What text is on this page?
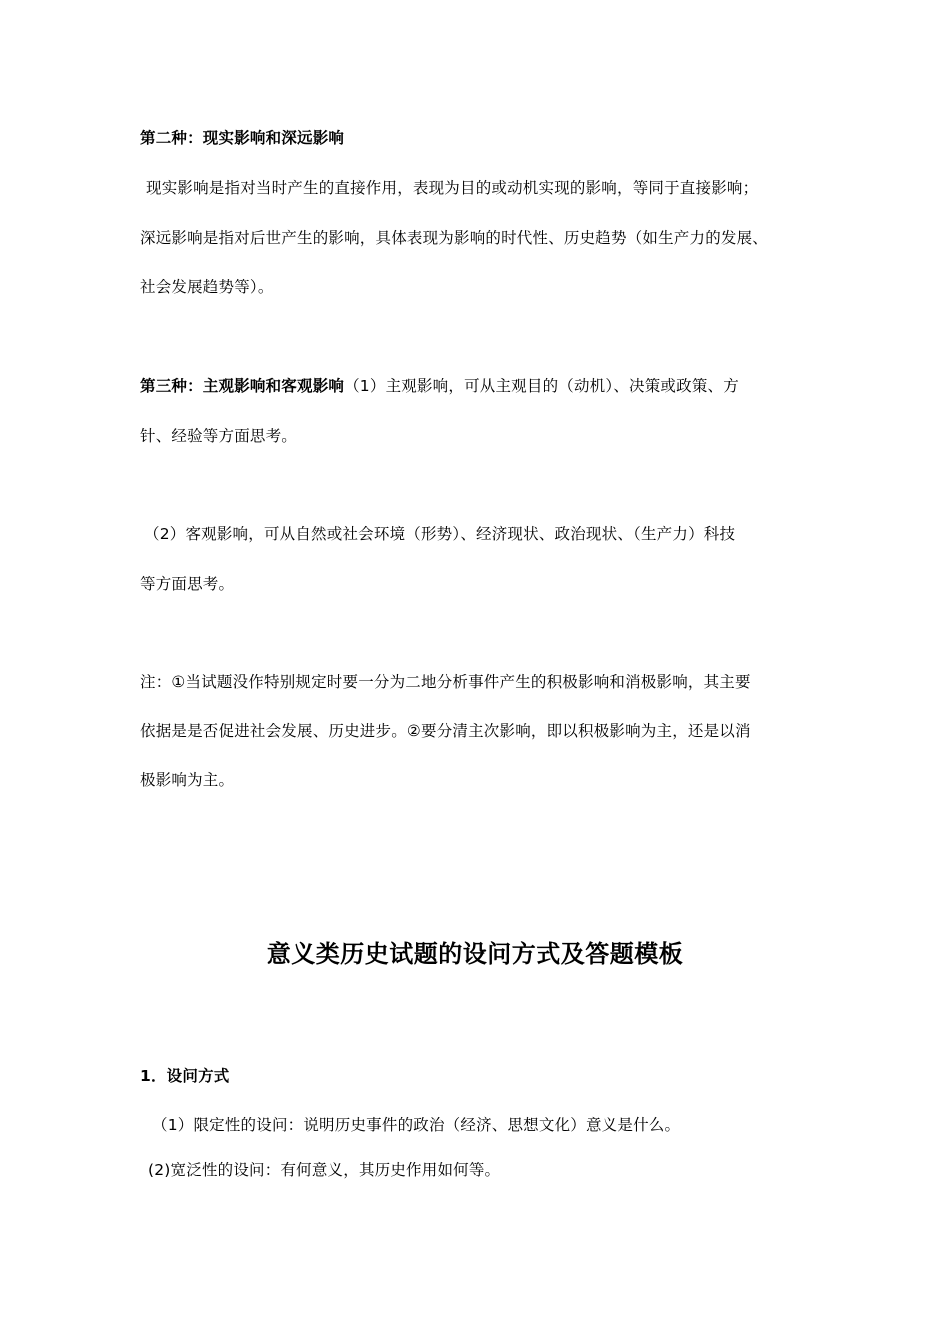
第二种：现实影响和深远影响
现实影响是指对当时产生的直接作用，表现为目的或动机实现的影响，等同于直接影响；
深远影响是指对后世产生的影响，具体表现为影响的时代性、历史趋势（如生产力的发展、
社会发展趋势等）。
第三种：主观影响和客观影响（1）主观影响，可从主观目的（动机）、决策或政策、方
针、经验等方面思考。
（2）客观影响，可从自然或社会环境（形势）、经济现状、政治现状、（生产力）科技
等方面思考。
注：①当试题没作特别规定时要一分为二地分析事件产生的积极影响和消极影响，其主要
依据是是否促进社会发展、历史进步。②要分清主次影响，即以积极影响为主，还是以消
极影响为主。
意义类历史试题的设问方式及答题模板
1．设问方式
（1）限定性的设问：说明历史事件的政治（经济、思想文化）意义是什么。
(2)宽泛性的设问：有何意义，其历史作用如何等。
